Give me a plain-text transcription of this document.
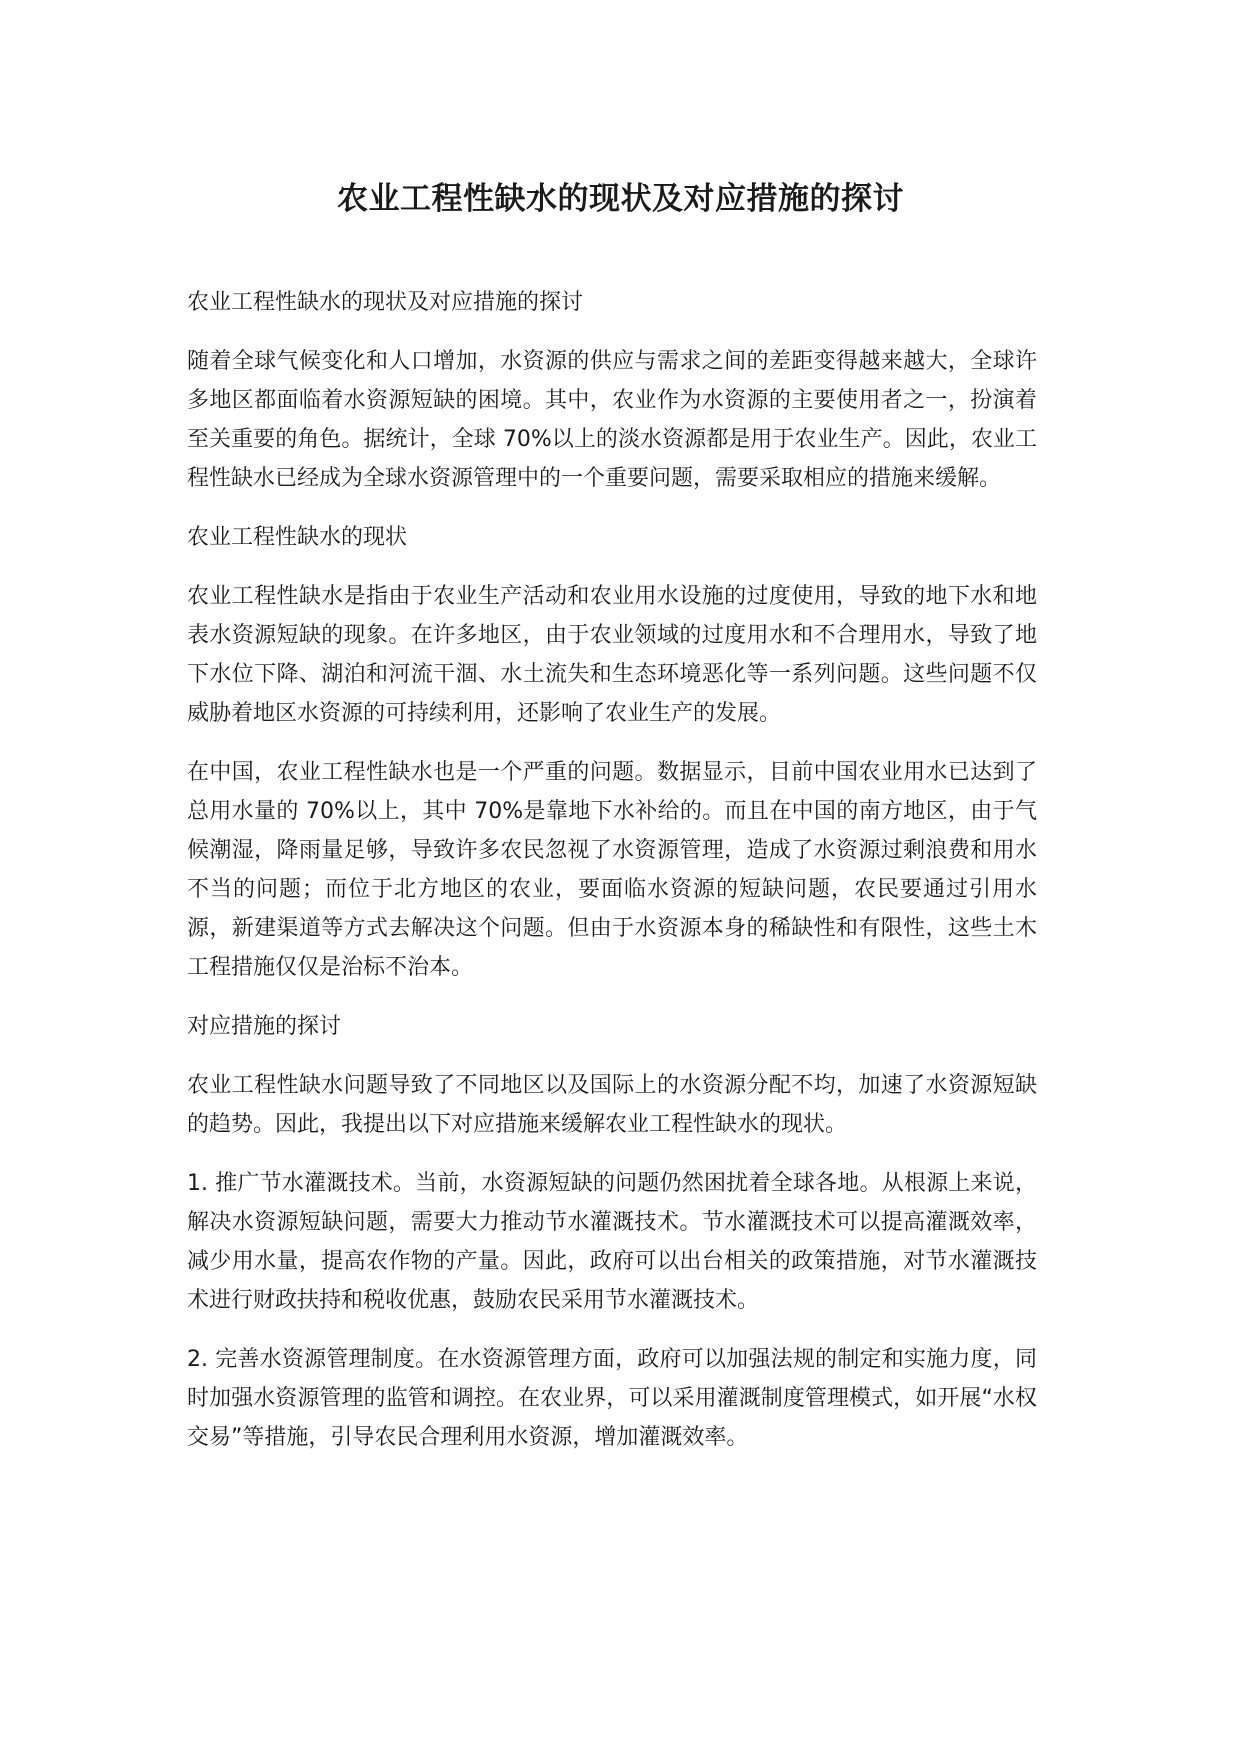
农业工程性缺水的现状及对应措施的探讨

农业工程性缺水的现状及对应措施的探讨

随着全球气候变化和人口增加，水资源的供应与需求之间的差距变得越来越大，全球许多地区都面临着水资源短缺的困境。其中，农业作为水资源的主要使用者之一，扮演着至关重要的角色。据统计，全球 70%以上的淡水资源都是用于农业生产。因此，农业工程性缺水已经成为全球水资源管理中的一个重要问题，需要采取相应的措施来缓解。

农业工程性缺水的现状

农业工程性缺水是指由于农业生产活动和农业用水设施的过度使用，导致的地下水和地表水资源短缺的现象。在许多地区，由于农业领域的过度用水和不合理用水，导致了地下水位下降、湖泊和河流干涸、水土流失和生态环境恶化等一系列问题。这些问题不仅威胁着地区水资源的可持续利用，还影响了农业生产的发展。

在中国，农业工程性缺水也是一个严重的问题。数据显示，目前中国农业用水已达到了总用水量的 70%以上，其中 70%是靠地下水补给的。而且在中国的南方地区，由于气候潮湿，降雨量足够，导致许多农民忽视了水资源管理，造成了水资源过剩浪费和用水不当的问题；而位于北方地区的农业，要面临水资源的短缺问题，农民要通过引用水源，新建渠道等方式去解决这个问题。但由于水资源本身的稀缺性和有限性，这些土木工程措施仅仅是治标不治本。

对应措施的探讨

农业工程性缺水问题导致了不同地区以及国际上的水资源分配不均，加速了水资源短缺的趋势。因此，我提出以下对应措施来缓解农业工程性缺水的现状。

1. 推广节水灌溉技术。当前，水资源短缺的问题仍然困扰着全球各地。从根源上来说，解决水资源短缺问题，需要大力推动节水灌溉技术。节水灌溉技术可以提高灌溉效率，减少用水量，提高农作物的产量。因此，政府可以出台相关的政策措施，对节水灌溉技术进行财政扶持和税收优惠，鼓励农民采用节水灌溉技术。

2. 完善水资源管理制度。在水资源管理方面，政府可以加强法规的制定和实施力度，同时加强水资源管理的监管和调控。在农业界，可以采用灌溉制度管理模式，如开展“水权交易”等措施，引导农民合理利用水资源，增加灌溉效率。
